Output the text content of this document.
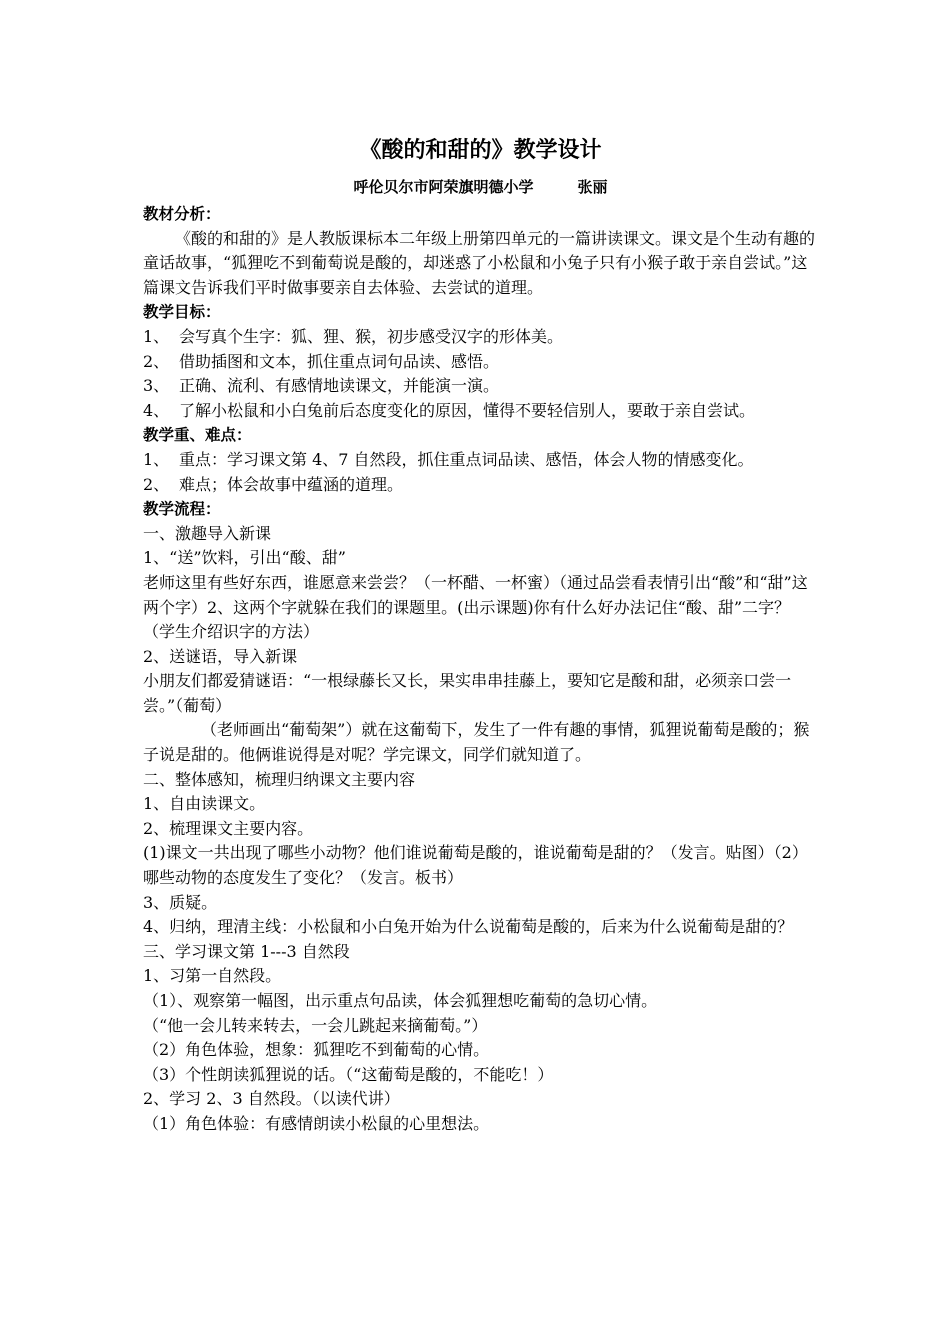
《酸的和甜的》教学设计

呼伦贝尔市阿荣旗明德小学	张丽

教材分析：

《酸的和甜的》是人教版课标本二年级上册第四单元的一篇讲读课文。课文是个生动有趣的童话故事，“狐狸吃不到葡萄说是酸的，却迷惑了小松鼠和小兔子只有小猴子敢于亲自尝试。”这篇课文告诉我们平时做事要亲自去体验、去尝试的道理。

教学目标：

1、 会写真个生字：狐、狸、猴，初步感受汉字的形体美。
2、 借助插图和文本，抓住重点词句品读、感悟。
3、 正确、流利、有感情地读课文，并能演一演。
4、 了解小松鼠和小白兔前后态度变化的原因，懂得不要轻信别人，要敢于亲自尝试。

教学重、难点：

1、 重点：学习课文第 4、7 自然段，抓住重点词品读、感悟，体会人物的情感变化。
2、 难点；体会故事中蕴涵的道理。

教学流程：

一、激趣导入新课

1、“送”饮料，引出“酸、甜”

老师这里有些好东西，谁愿意来尝尝？（一杯醋、一杯蜜）（通过品尝看表情引出“酸”和“甜”这两个字）2、这两个字就躲在我们的课题里。(出示课题)你有什么好办法记住“酸、甜”二字？（学生介绍识字的方法）

2、送谜语，导入新课

小朋友们都爱猜谜语：“一根绿藤长又长，果实串串挂藤上，要知它是酸和甜，必须亲口尝一尝。”（葡萄）

（老师画出“葡萄架”）就在这葡萄下，发生了一件有趣的事情，狐狸说葡萄是酸的；猴子说是甜的。他俩谁说得是对呢？学完课文，同学们就知道了。

二、整体感知，梳理归纳课文主要内容

1、自由读课文。

2、梳理课文主要内容。

(1)课文一共出现了哪些小动物？他们谁说葡萄是酸的，谁说葡萄是甜的？（发言。贴图）（2）哪些动物的态度发生了变化？（发言。板书）

3、质疑。

4、归纳，理清主线：小松鼠和小白兔开始为什么说葡萄是酸的，后来为什么说葡萄是甜的？

三、学习课文第 1---3 自然段

1、习第一自然段。

（1）、观察第一幅图，出示重点句品读，体会狐狸想吃葡萄的急切心情。

（“他一会儿转来转去，一会儿跳起来摘葡萄。”）

（2）角色体验，想象：狐狸吃不到葡萄的心情。

（3）个性朗读狐狸说的话。（“这葡萄是酸的，不能吃！）

2、学习 2、3 自然段。（以读代讲）

（1）角色体验：有感情朗读小松鼠的心里想法。
